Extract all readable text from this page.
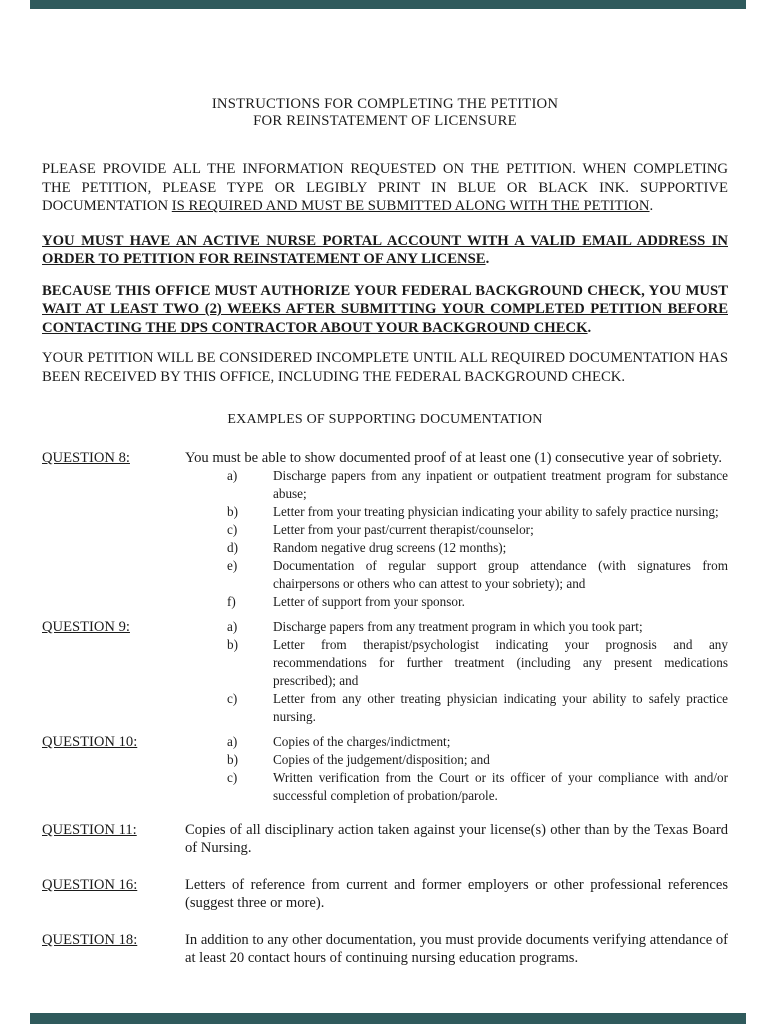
INSTRUCTIONS FOR COMPLETING THE PETITION
FOR REINSTATEMENT OF LICENSURE

PLEASE PROVIDE ALL THE INFORMATION REQUESTED ON THE PETITION. WHEN COMPLETING THE PETITION, PLEASE TYPE OR LEGIBLY PRINT IN BLUE OR BLACK INK. SUPPORTIVE DOCUMENTATION IS REQUIRED AND MUST BE SUBMITTED ALONG WITH THE PETITION.

YOU MUST HAVE AN ACTIVE NURSE PORTAL ACCOUNT WITH A VALID EMAIL ADDRESS IN ORDER TO PETITION FOR REINSTATEMENT OF ANY LICENSE.

BECAUSE THIS OFFICE MUST AUTHORIZE YOUR FEDERAL BACKGROUND CHECK, YOU MUST WAIT AT LEAST TWO (2) WEEKS AFTER SUBMITTING YOUR COMPLETED PETITION BEFORE CONTACTING THE DPS CONTRACTOR ABOUT YOUR BACKGROUND CHECK.

YOUR PETITION WILL BE CONSIDERED INCOMPLETE UNTIL ALL REQUIRED DOCUMENTATION HAS BEEN RECEIVED BY THIS OFFICE, INCLUDING THE FEDERAL BACKGROUND CHECK.

EXAMPLES OF SUPPORTING DOCUMENTATION
QUESTION 8:	You must be able to show documented proof of at least one (1) consecutive year of sobriety.

a)	Discharge papers from any inpatient or outpatient treatment program for substance abuse;
b)	Letter from your treating physician indicating your ability to safely practice nursing;
c)	Letter from your past/current therapist/counselor;
d)	Random negative drug screens (12 months);
e)	Documentation of regular support group attendance (with signatures from chairpersons or others who can attest to your sobriety); and
f)	Letter of support from your sponsor.
QUESTION 9:	a)	Discharge papers from any treatment program in which you took part;
b)	Letter from therapist/psychologist indicating your prognosis and any recommendations for further treatment (including any present medications prescribed); and
c)	Letter from any other treating physician indicating your ability to safely practice nursing.
QUESTION 10:	a)	Copies of the charges/indictment;
b)	Copies of the judgement/disposition; and
c)	Written verification from the Court or its officer of your compliance with and/or successful completion of probation/parole.
QUESTION 11:	Copies of all disciplinary action taken against your license(s) other than by the Texas Board of Nursing.

QUESTION 16:	Letters of reference from current and former employers or other professional references (suggest three or more).

QUESTION 18:	In addition to any other documentation, you must provide documents verifying attendance of at least 20 contact hours of continuing nursing education programs.
